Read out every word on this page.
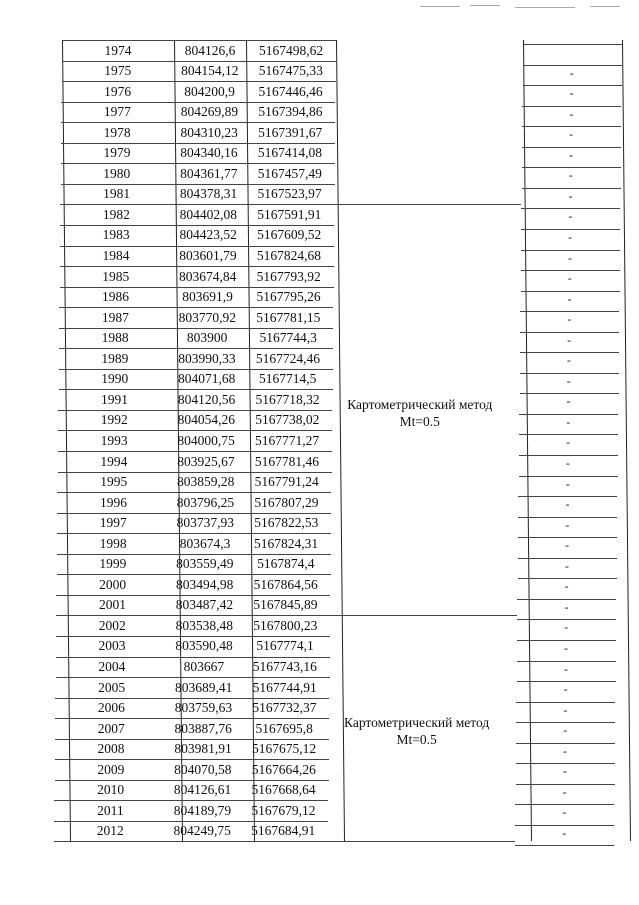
1974	804126,6	5167498,62
1975	804154,12	5167475,33	-
1976	804200,9	5167446,46	-
1977	804269,89	5167394,86	-
1978	804310,23	5167391,67	-
1979	804340,16	5167414,08	-
1980	804361,77	5167457,49	-
1981	804378,31	5167523,97	-
1982	804402,08	5167591,91	-
1983	804423,52	5167609,52	-
1984	803601,79	5167824,68	-
1985	803674,84	5167793,92	-
1986	803691,9	5167795,26	-
1987	803770,92	5167781,15	-
1988	803900	5167744,3	-
1989	803990,33	5167724,46	-
1990	804071,68	5167714,5	-
1991	804120,56	5167718,32	-
1992	804054,26	5167738,02	-
1993	804000,75	5167771,27	-
1994	803925,67	5167781,46	-
1995	803859,28	5167791,24	-
1996	803796,25	5167807,29	-
1997	803737,93	5167822,53	-
1998	803674,3	5167824,31	-
1999	803559,49	5167874,4	-
2000	803494,98	5167864,56	-
2001	803487,42	5167845,89	-
2002	803538,48	5167800,23	-
2003	803590,48	5167774,1	-
2004	803667	5167743,16	-
2005	803689,41	5167744,91	-
2006	803759,63	5167732,37	-
2007	803887,76	5167695,8	-
2008	803981,91	5167675,12	-
2009	804070,58	5167664,26	-
2010	804126,61	5167668,64	-
2011	804189,79	5167679,12	-
2012	804249,75	5167684,91	-
Картометрический метод
Mt=0.5
Картометрический метод
Mt=0.5
